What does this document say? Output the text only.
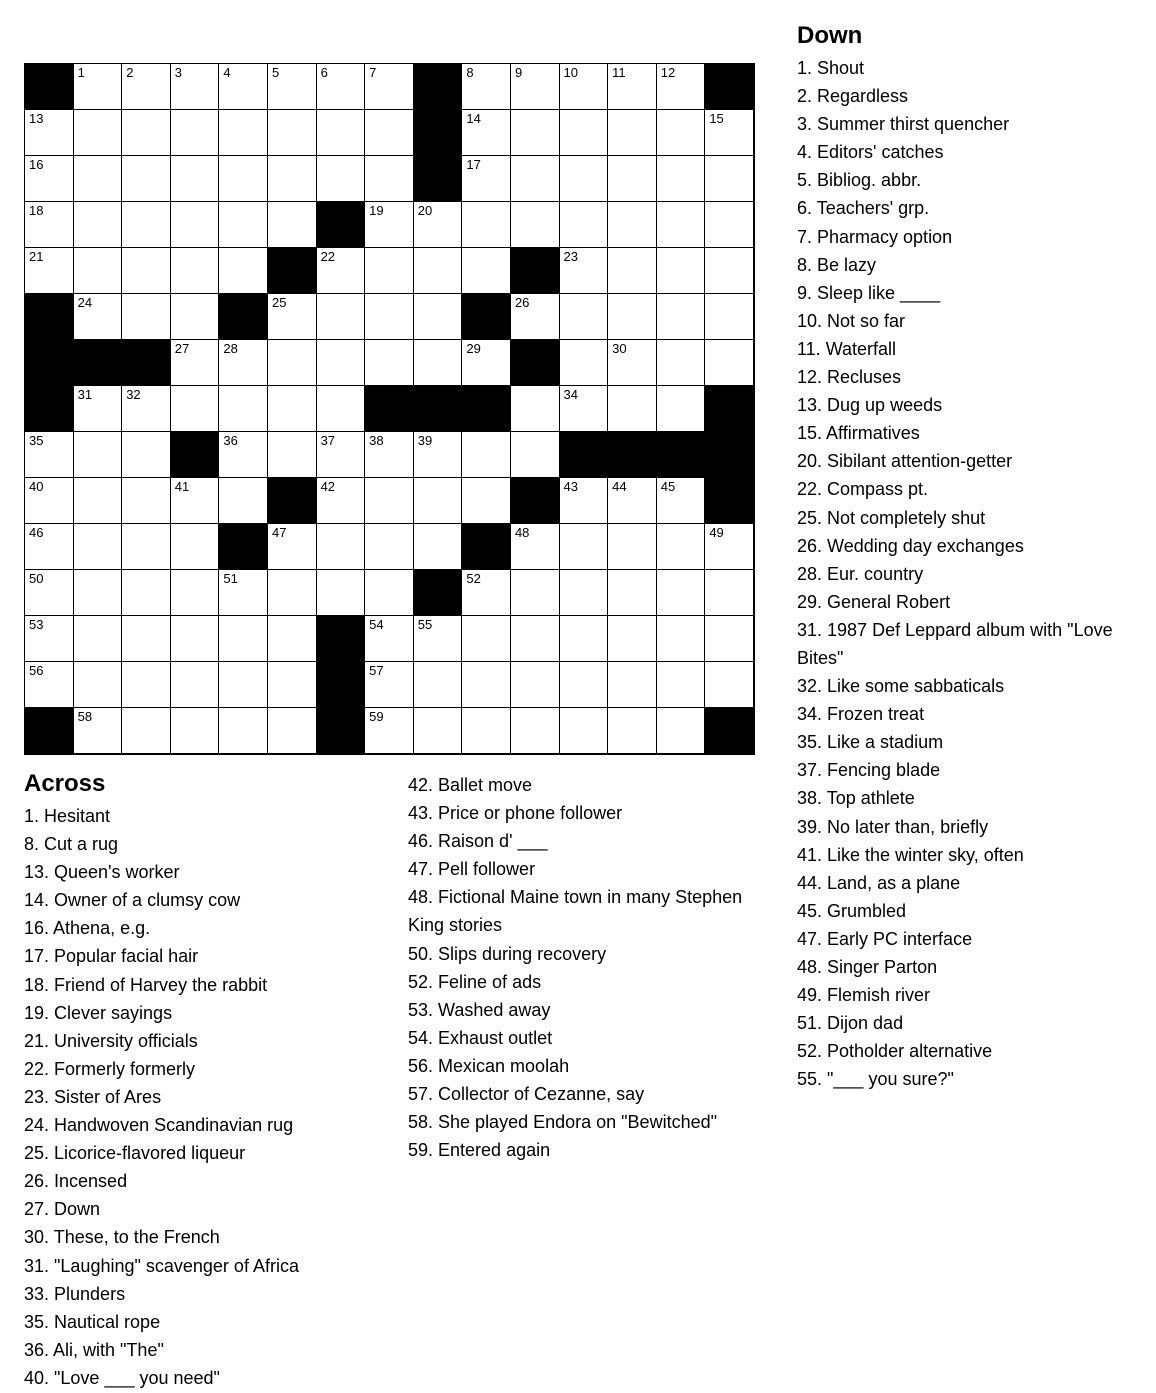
1	2	3	4	5	6	7	8	9	10	11	12
13	14	15
16	17
18	19	20
21	22	23
24	25	26
27	28	29	30
31	32	34
35	36	37	38	39
40	41	42	43	44	45
46	47	48	49
50	51	52
53	54	55
56	57
58	59
Across
1. Hesitant
8. Cut a rug
13. Queen's worker
14. Owner of a clumsy cow
16. Athena, e.g.
17. Popular facial hair
18. Friend of Harvey the rabbit
19. Clever sayings
21. University officials
22. Formerly formerly
23. Sister of Ares
24. Handwoven Scandinavian rug
25. Licorice-flavored liqueur
26. Incensed
27. Down
30. These, to the French
31. "Laughing" scavenger of Africa
33. Plunders
35. Nautical rope
36. Ali, with "The"
40. "Love ___ you need"
42. Ballet move
43. Price or phone follower
46. Raison d' ___
47. Pell follower
48. Fictional Maine town in many Stephen
King stories
50. Slips during recovery
52. Feline of ads
53. Washed away
54. Exhaust outlet
56. Mexican moolah
57. Collector of Cezanne, say
58. She played Endora on "Bewitched"
59. Entered again
Down
1. Shout
2. Regardless
3. Summer thirst quencher
4. Editors' catches
5. Bibliog. abbr.
6. Teachers' grp.
7. Pharmacy option
8. Be lazy
9. Sleep like ____
10. Not so far
11. Waterfall
12. Recluses
13. Dug up weeds
15. Affirmatives
20. Sibilant attention-getter
22. Compass pt.
25. Not completely shut
26. Wedding day exchanges
28. Eur. country
29. General Robert
31. 1987 Def Leppard album with "Love
Bites"
32. Like some sabbaticals
34. Frozen treat
35. Like a stadium
37. Fencing blade
38. Top athlete
39. No later than, briefly
41. Like the winter sky, often
44. Land, as a plane
45. Grumbled
47. Early PC interface
48. Singer Parton
49. Flemish river
51. Dijon dad
52. Potholder alternative
55. "___ you sure?"
